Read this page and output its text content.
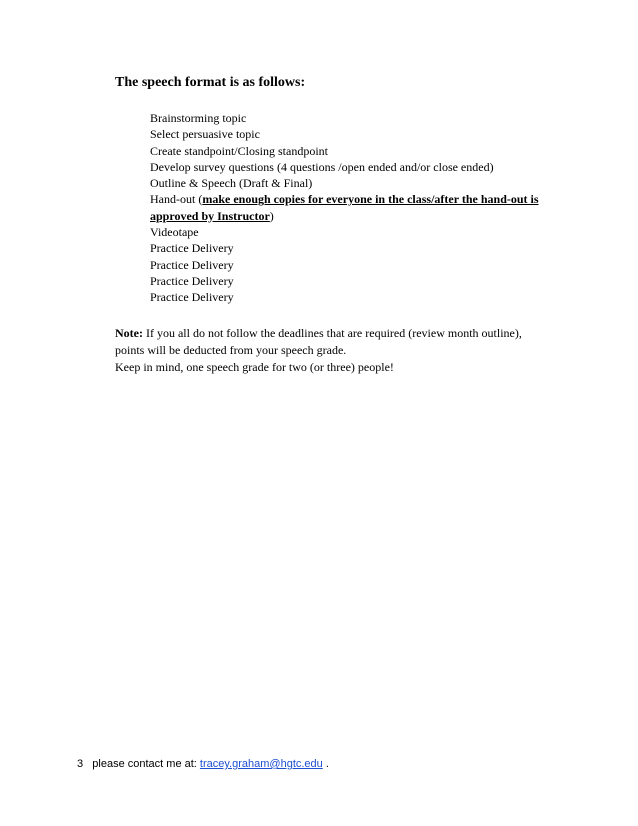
The speech format is as follows:
Brainstorming topic
Select persuasive topic
Create standpoint/Closing standpoint
Develop survey questions (4 questions /open ended and/or close ended)
Outline & Speech (Draft & Final)
Hand-out (make enough copies for everyone in the class/after the hand-out is
approved by Instructor)
Videotape
Practice Delivery
Practice Delivery
Practice Delivery
Practice Delivery

Note: If you all do not follow the deadlines that are required (review month outline),

points will be deducted from your speech grade.

Keep in mind, one speech grade for two (or three) people!

3 please contact me at: tracey.graham@hgtc.edu .
